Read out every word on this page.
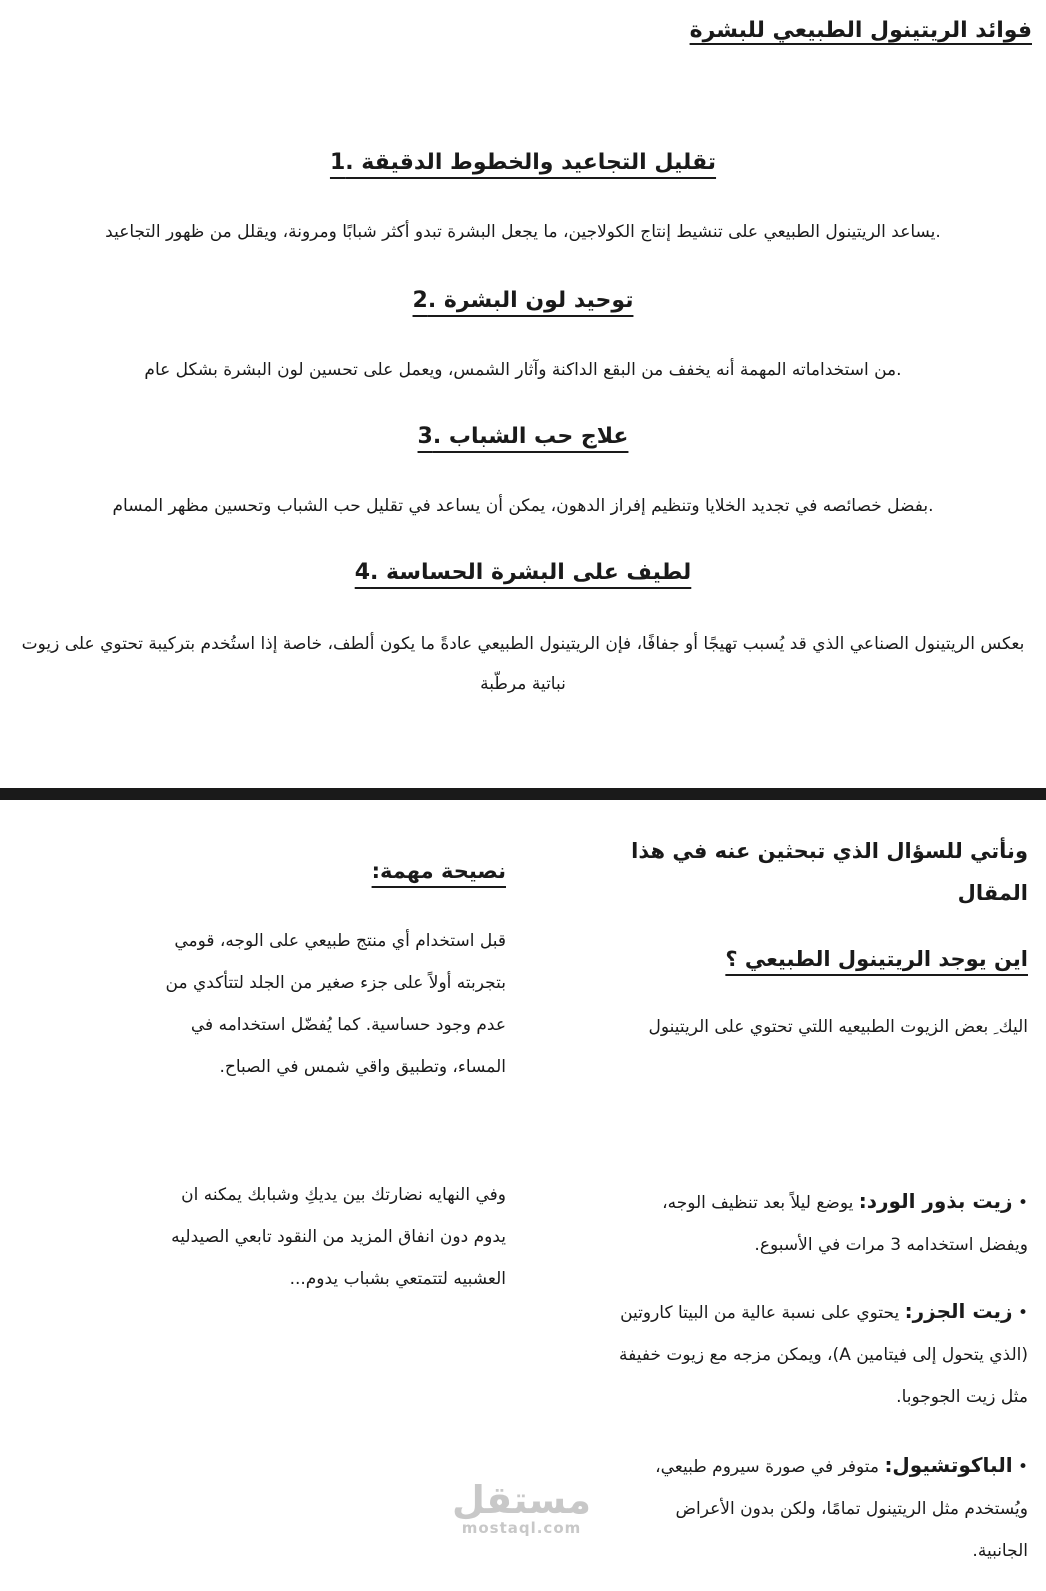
فوائد الريتينول الطبيعي للبشرة
تقليل التجاعيد والخطوط الدقيقة .1
.يساعد الريتينول الطبيعي على تنشيط إنتاج الكولاجين، ما يجعل البشرة تبدو أكثر شبابًا ومرونة، ويقلل من ظهور التجاعيد
توحيد لون البشرة .2
.من استخداماته المهمة أنه يخفف من البقع الداكنة وآثار الشمس، ويعمل على تحسين لون البشرة بشكل عام
علاج حب الشباب .3
.بفضل خصائصه في تجديد الخلايا وتنظيم إفراز الدهون، يمكن أن يساعد في تقليل حب الشباب وتحسين مظهر المسام
لطيف على البشرة الحساسة .4
بعكس الريتينول الصناعي الذي قد يُسبب تهيجًا أو جفافًا، فإن الريتينول الطبيعي عادةً ما يكون ألطف، خاصة إذا استُخدم بتركيبة تحتوي على زيوت نباتية مرطّبة
ونأتي للسؤال الذي تبحثين عنه في هذا المقال
اين يوجد الريتينول الطبيعي ؟
اليك ِ بعض الزيوت الطبيعيه اللتي تحتوي على الريتينول
• زيت بذور الورد: يوضع ليلاً بعد تنظيف الوجه، ويفضل استخدامه 3 مرات في الأسبوع.
• زيت الجزر: يحتوي على نسبة عالية من البيتا كاروتين (الذي يتحول إلى فيتامين A)، ويمكن مزجه مع زيوت خفيفة مثل زيت الجوجوبا.
• الباكوتشيول: متوفر في صورة سيروم طبيعي، ويُستخدم مثل الريتينول تمامًا، ولكن بدون الأعراض الجانبية.
نصيحة مهمة:
قبل استخدام أي منتج طبيعي على الوجه، قومي بتجربته أولاً على جزء صغير من الجلد لتتأكدي من عدم وجود حساسية. كما يُفضّل استخدامه في المساء، وتطبيق واقي شمس في الصباح.
وفي النهايه نضارتك بين يديكِ وشبابك يمكنه ان يدوم دون انفاق المزيد من النقود تابعي الصيدليه العشبيه لتتمتعي بشباب يدوم...
مستقل
mostaql.com
